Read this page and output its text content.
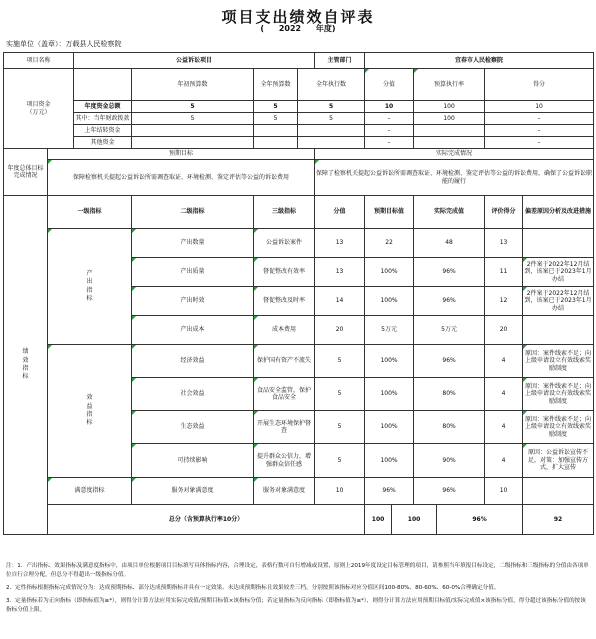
项目支出绩效自评表
( 2022 年度)
实施单位（盖章）：万载县人民检察院
项目名称		公益诉讼项目				主管部门	宜春市人民检察院						
项目资金
（万元）			年初预算数	全年预算数	全年执行数		分值		预算执行率		得分		
		年度资金总额	5	5	5		10		100		10		
		其中：当年财政拨款	5	5	5		–		100		–		
		上年结转资金					–				–		
		其他资金					–				–		
年度总体目标完成情况	预期目标					实际完成情况							
	保障检察机关提起公益诉讼所需调查取证、环境检测、鉴定评估等公益的诉讼费用					保障了检察机关提起公益诉讼所需调查取证、环境检测、鉴定评估等公益的诉讼费用，确保了公益诉讼职能的履行							
绩效指标	一级指标		二级指标	三级指标		分值	预期目标值		实际完成值		评价得分	偏差原因分析及改进措施	
	产出指标		产出数量	公益诉讼案件		13	22		48		13		
			产出质量	督促整改有效率		13	100%		96%		11	2件案于2022年12月结到，该案已于2023年1月办结	
			产出时效	督促整改及时率		14	100%		96%		12	2件案于2022年12月结到，该案已于2023年1月办结	
			产出成本	成本费用		20	5万元		5万元		20		
	效益指标		经济效益	保护国有资产不流失		5	100%		96%		4	原因：案件线索不足；向上级申请设立有效线索奖励制度	
			社会效益	食品安全监管，保护食品安全		5	100%		80%		4	原因：案件线索不足；向上级申请设立有效线索奖励制度	
			生态效益	开展生态环境保护督查		5	100%		80%		4	原因：案件线索不足；向上级申请设立有效线索奖励制度	
			可持续影响	提升群众公信力，增强群众信任感		5	100%		90%		4	原因：公益诉讼宣传不足，对策：加强宣传方式，扩大宣传	
	满意度指标		服务对象满意度	服务对象满意度		10	96%		96%		10		
	总分（含预算执行率10分）						100	100		96%		92	

注：1．产出指标、效果指标及满意度指标中，由项目单位根据项目目标填写具体指标内容，合理设定，表格行数可自行增减或设置，原则上2019年度设定目标管理的项目，请参照当年填报目标设定，二级指标和三级指标的分值由各项单位自行合理分配，但总分不得超出一级指标分值。

2．定性指标根据指标完成情况分为：达成预期指标、部分达成预期指标并具有一定效果、未达成预期指标且效果较差三档，分别按照该指标对应分值区间100-80%、80-60%、60-0%合理确定分值。

3．定量指标若为正向指标（即指标值为≥*），则得分计算方法应用实际完成值/预期目标值×该指标分值；若定量指标为反向指标（即指标值为≤*），则得分计算方法应用预期目标值/实际完成值×该指标分值，得分超过该指标分值的按该指标分值上限。
